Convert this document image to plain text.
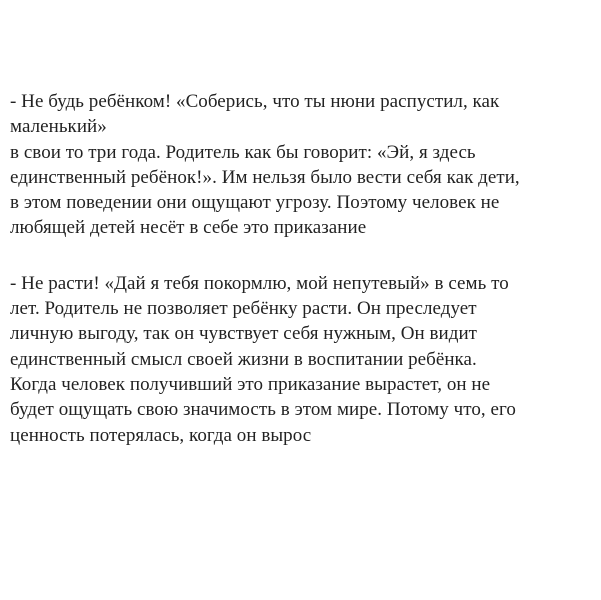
- Не будь ребёнком! «Соберись, что ты нюни распустил, как
маленький»
в свои то три года. Родитель как бы говорит: «Эй, я здесь
единственный ребёнок!». Им нельзя было вести себя как дети,
в этом поведении они ощущают угрозу. Поэтому человек не
любящей детей несёт в себе это приказание

- Не расти! «Дай я тебя покормлю, мой непутевый» в семь то
лет. Родитель не позволяет ребёнку расти. Он преследует
личную выгоду, так он чувствует себя нужным, Он видит
единственный смысл своей жизни в воспитании ребёнка.
Когда человек получивший это приказание вырастет, он не
будет ощущать свою значимость в этом мире. Потому что, его
ценность потерялась, когда он вырос
